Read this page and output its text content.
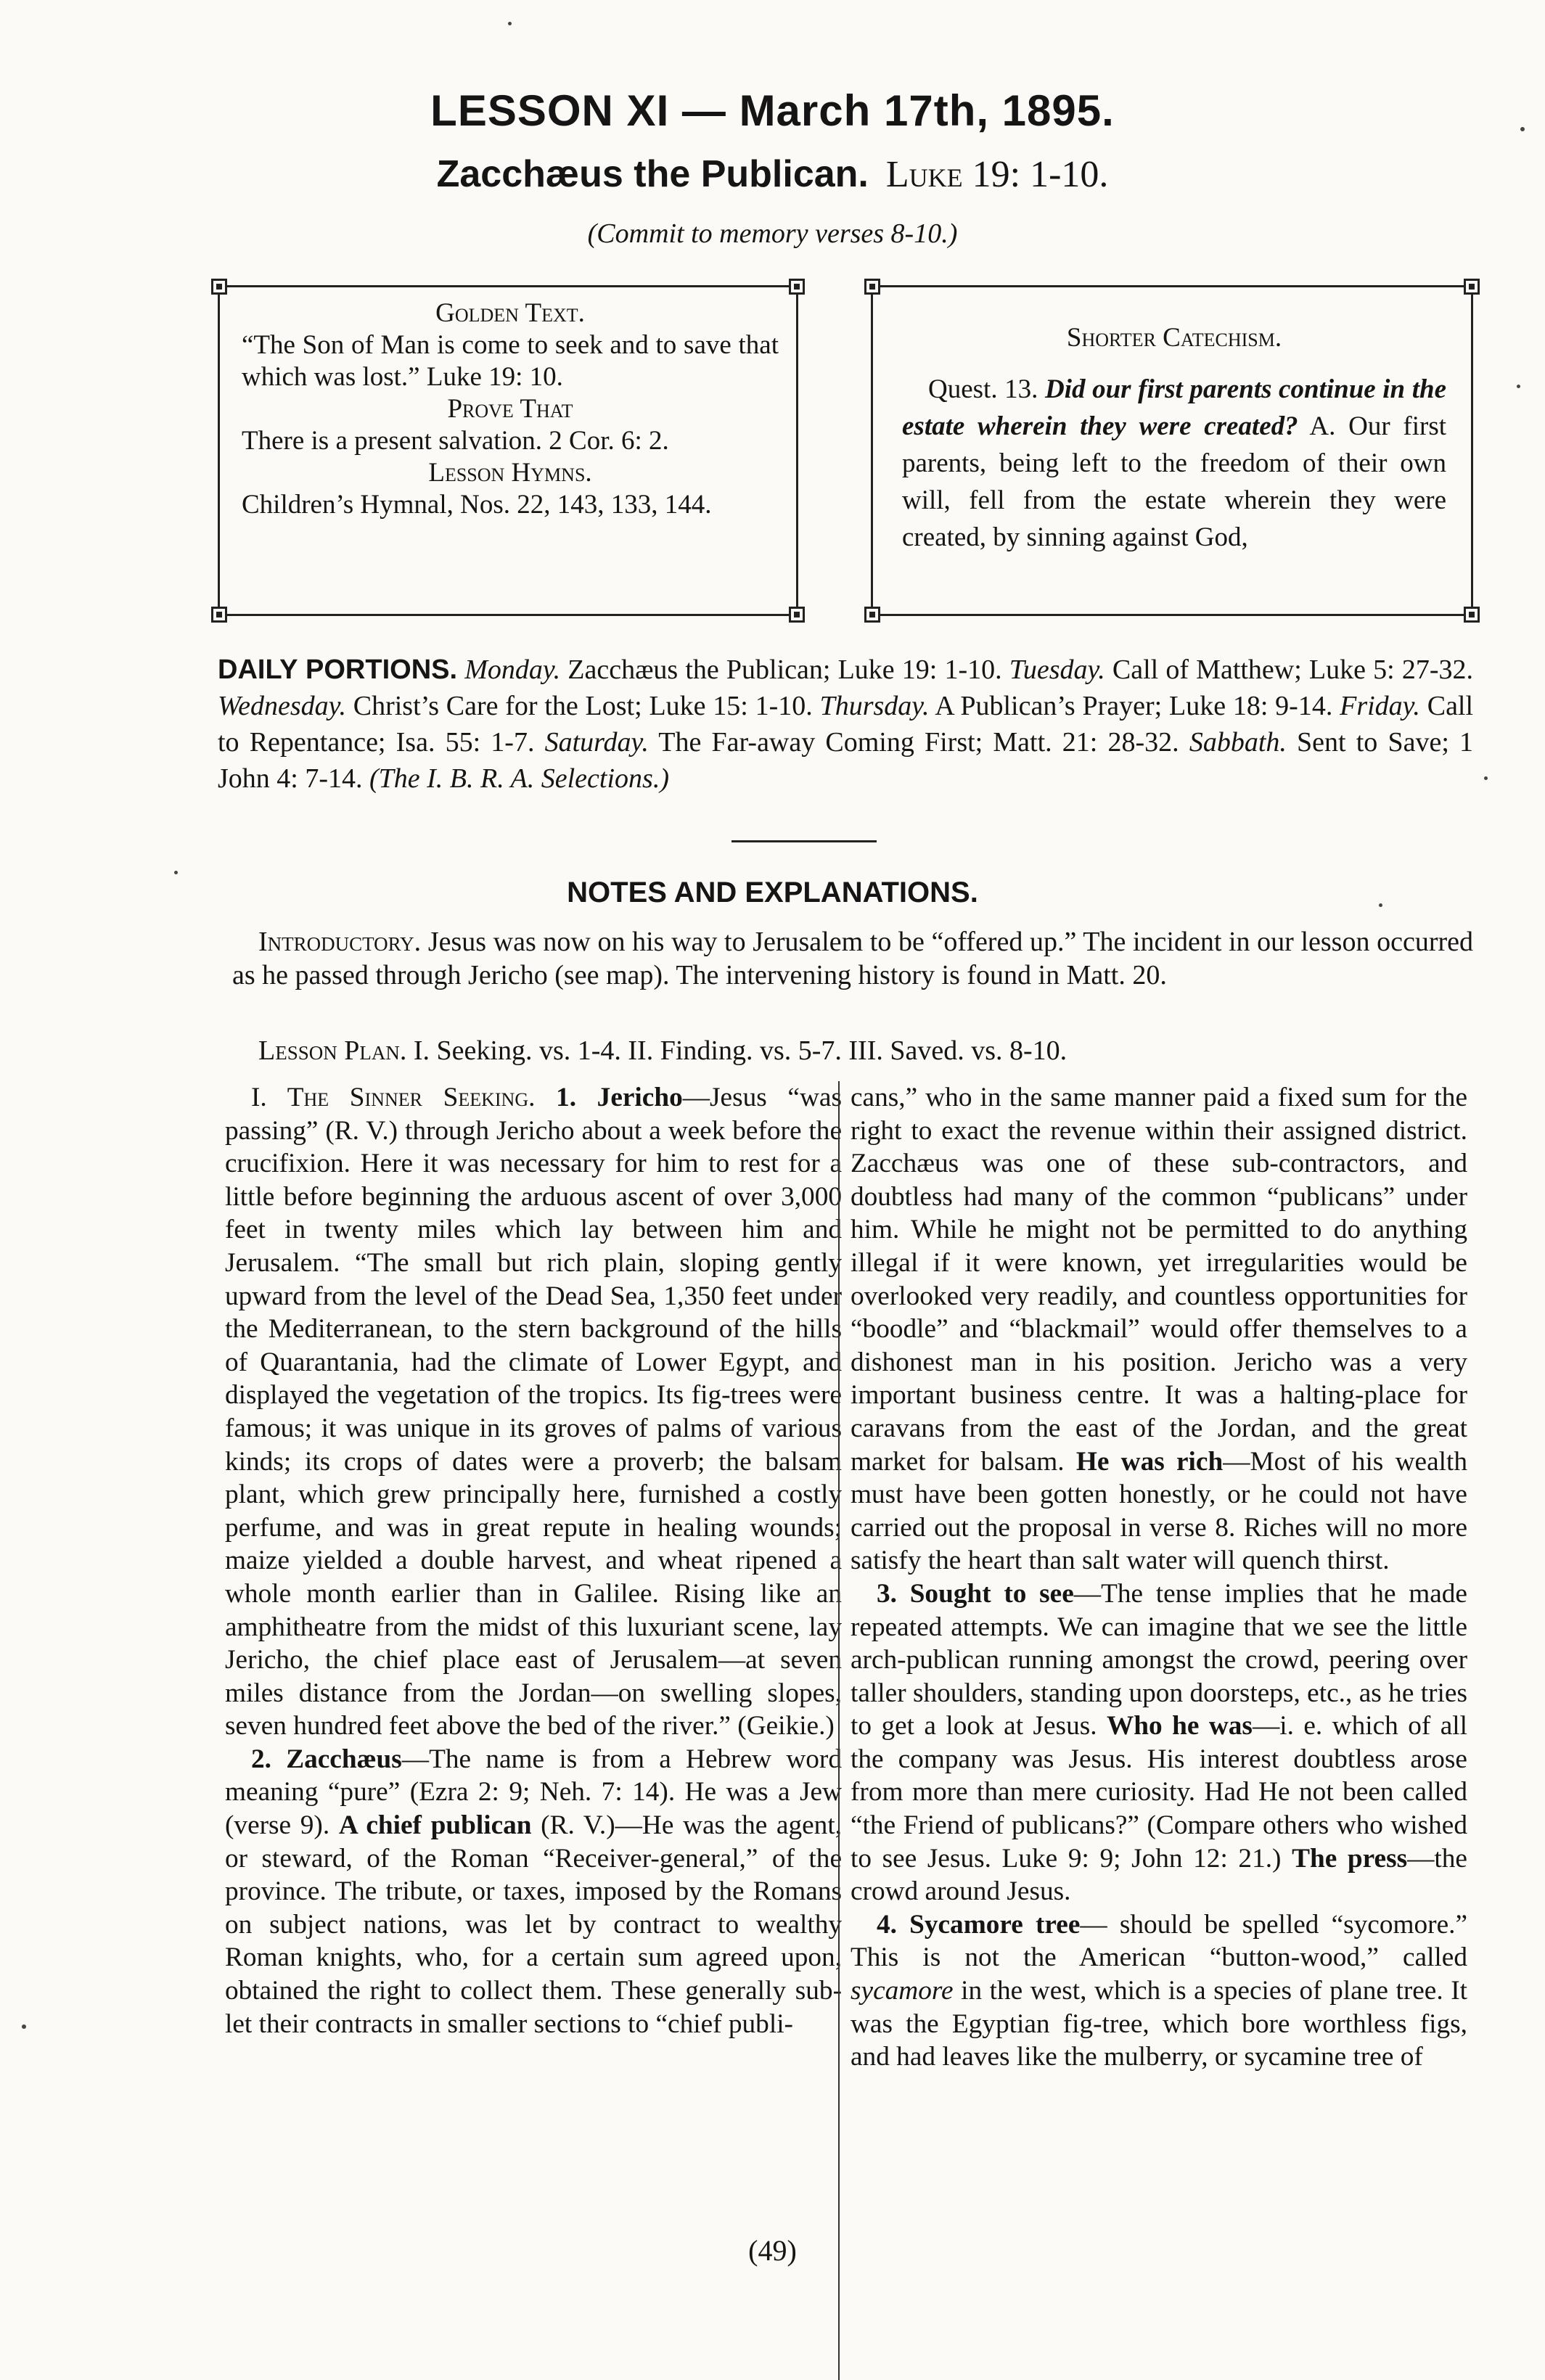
LESSON XI — March 17th, 1895.
Zacchæus the Publican. Luke 19: 1-10.
(Commit to memory verses 8-10.)
Golden Text.
“The Son of Man is come to seek and to save that which was lost.” Luke 19: 10.
Prove That
There is a present salvation. 2 Cor. 6: 2.
Lesson Hymns.
Children’s Hymnal, Nos. 22, 143, 133, 144.
Shorter Catechism.
Quest. 13. Did our first parents continue in the estate wherein they were created? A. Our first parents, being left to the freedom of their own will, fell from the estate wherein they were created, by sinning against God,
DAILY PORTIONS. Monday. Zacchæus the Publican; Luke 19: 1-10. Tuesday. Call of Matthew; Luke 5: 27-32. Wednesday. Christ’s Care for the Lost; Luke 15: 1-10. Thursday. A Publican’s Prayer; Luke 18: 9-14. Friday. Call to Repentance; Isa. 55: 1-7. Saturday. The Far-away Coming First; Matt. 21: 28-32. Sabbath. Sent to Save; 1 John 4: 7-14. (The I. B. R. A. Selections.)
NOTES AND EXPLANATIONS.
Introductory. Jesus was now on his way to Jerusalem to be “offered up.” The incident in our lesson occurred as he passed through Jericho (see map). The intervening history is found in Matt. 20.
Lesson Plan. I. Seeking. vs. 1-4. II. Finding. vs. 5-7. III. Saved. vs. 8-10.

I. The Sinner Seeking. 1. Jericho—Jesus “was passing” (R. V.) through Jericho about a week before the crucifixion. Here it was necessary for him to rest for a little before beginning the arduous ascent of over 3,000 feet in twenty miles which lay between him and Jerusalem. “The small but rich plain, sloping gently upward from the level of the Dead Sea, 1,350 feet under the Mediterranean, to the stern background of the hills of Quarantania, had the climate of Lower Egypt, and displayed the vegetation of the tropics. Its fig-trees were famous; it was unique in its groves of palms of various kinds; its crops of dates were a proverb; the balsam plant, which grew principally here, furnished a costly perfume, and was in great repute in healing wounds; maize yielded a double harvest, and wheat ripened a whole month earlier than in Galilee. Rising like an amphitheatre from the midst of this luxuriant scene, lay Jericho, the chief place east of Jerusalem—at seven miles distance from the Jordan—on swelling slopes, seven hundred feet above the bed of the river.” (Geikie.)

2. Zacchæus—The name is from a Hebrew word meaning “pure” (Ezra 2: 9; Neh. 7: 14). He was a Jew (verse 9). A chief publican (R. V.)—He was the agent, or steward, of the Roman “Receiver-general,” of the province. The tribute, or taxes, imposed by the Romans on subject nations, was let by contract to wealthy Roman knights, who, for a certain sum agreed upon, obtained the right to collect them. These generally sub-let their contracts in smaller sections to “chief publi-

cans,” who in the same manner paid a fixed sum for the right to exact the revenue within their assigned district. Zacchæus was one of these sub-contractors, and doubtless had many of the common “publicans” under him. While he might not be permitted to do anything illegal if it were known, yet irregularities would be overlooked very readily, and countless opportunities for “boodle” and “blackmail” would offer themselves to a dishonest man in his position. Jericho was a very important business centre. It was a halting-place for caravans from the east of the Jordan, and the great market for balsam. He was rich—Most of his wealth must have been gotten honestly, or he could not have carried out the proposal in verse 8. Riches will no more satisfy the heart than salt water will quench thirst.

3. Sought to see—The tense implies that he made repeated attempts. We can imagine that we see the little arch-publican running amongst the crowd, peering over taller shoulders, standing upon doorsteps, etc., as he tries to get a look at Jesus. Who he was—i. e. which of all the company was Jesus. His interest doubtless arose from more than mere curiosity. Had He not been called “the Friend of publicans?” (Compare others who wished to see Jesus. Luke 9: 9; John 12: 21.) The press—the crowd around Jesus.

4. Sycamore tree— should be spelled “sycomore.” This is not the American “button-wood,” called sycamore in the west, which is a species of plane tree. It was the Egyptian fig-tree, which bore worthless figs, and had leaves like the mulberry, or sycamine tree of

(49)
